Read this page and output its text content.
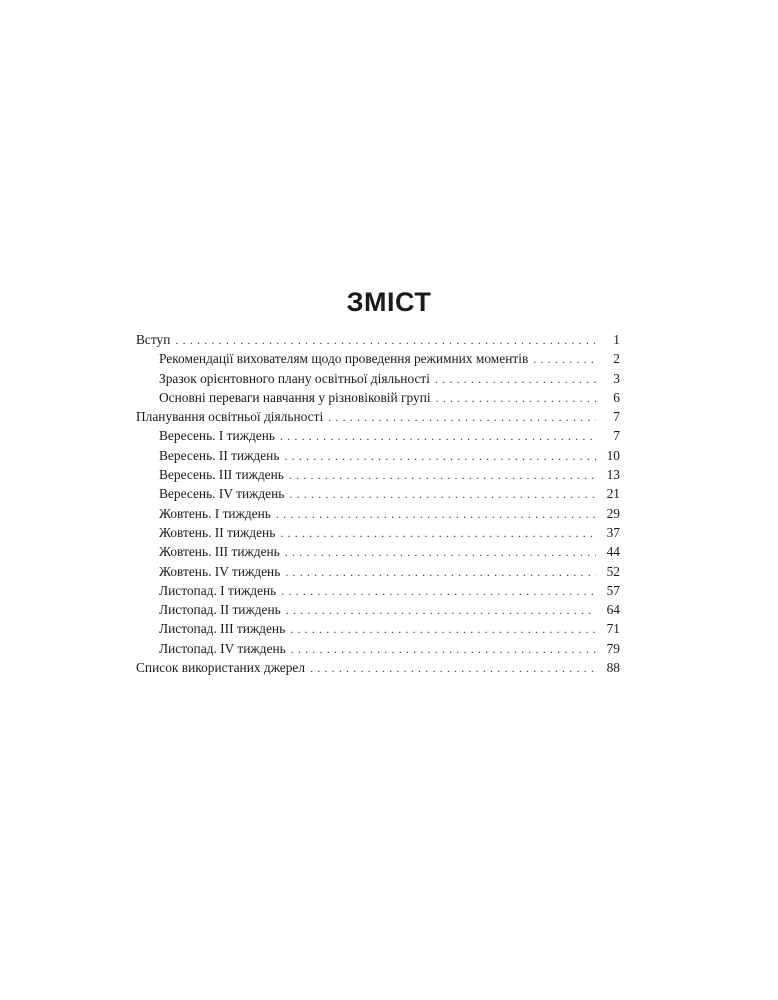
ЗМІСТ
Вступ . . .	1
Рекомендації вихователям щодо проведення режимних моментів . . .	2
Зразок орієнтовного плану освітньої діяльності . . .	3
Основні переваги навчання у різновіковій групі . . .	6
Планування освітньої діяльності . . .	7
Вересень. І тиждень . . .	7
Вересень. ІІ тиждень . . .	10
Вересень. ІІІ тиждень . . .	13
Вересень. ІV тиждень . . .	21
Жовтень. І тиждень . . .	29
Жовтень. ІІ тиждень . . .	37
Жовтень. ІІІ тиждень . . .	44
Жовтень. ІV тиждень . . .	52
Листопад. І тиждень . . .	57
Листопад. ІІ тиждень . . .	64
Листопад. ІІІ тиждень . . .	71
Листопад. ІV тиждень . . .	79
Список використаних джерел . . .	88
